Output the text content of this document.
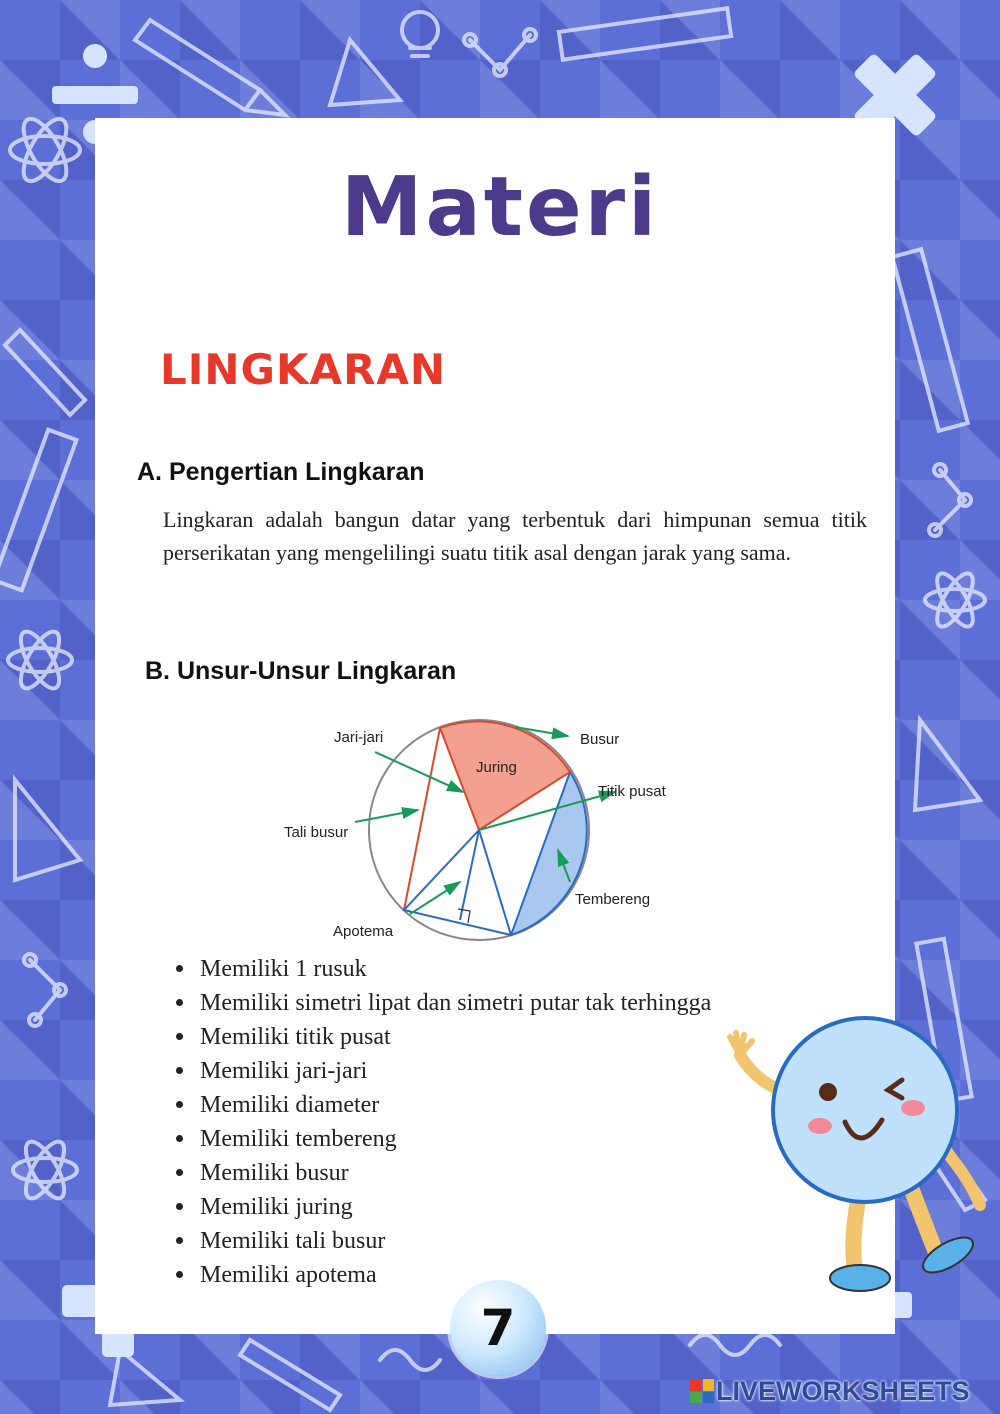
Materi
LINGKARAN
A. Pengertian Lingkaran

Lingkaran adalah bangun datar yang terbentuk dari himpunan semua titik perserikatan yang mengelilingi suatu titik asal dengan jarak yang sama.

B. Unsur-Unsur Lingkaran
Jari-jari	Busur
Juring
Titik pusat
Tali busur
Tembereng
Apotema
Memiliki 1 rusuk
Memiliki simetri lipat dan simetri putar tak terhingga
Memiliki titik pusat
Memiliki jari-jari
Memiliki diameter
Memiliki tembereng
Memiliki busur
Memiliki juring
Memiliki tali busur
Memiliki apotema
7
LIVEWORKSHEETS
